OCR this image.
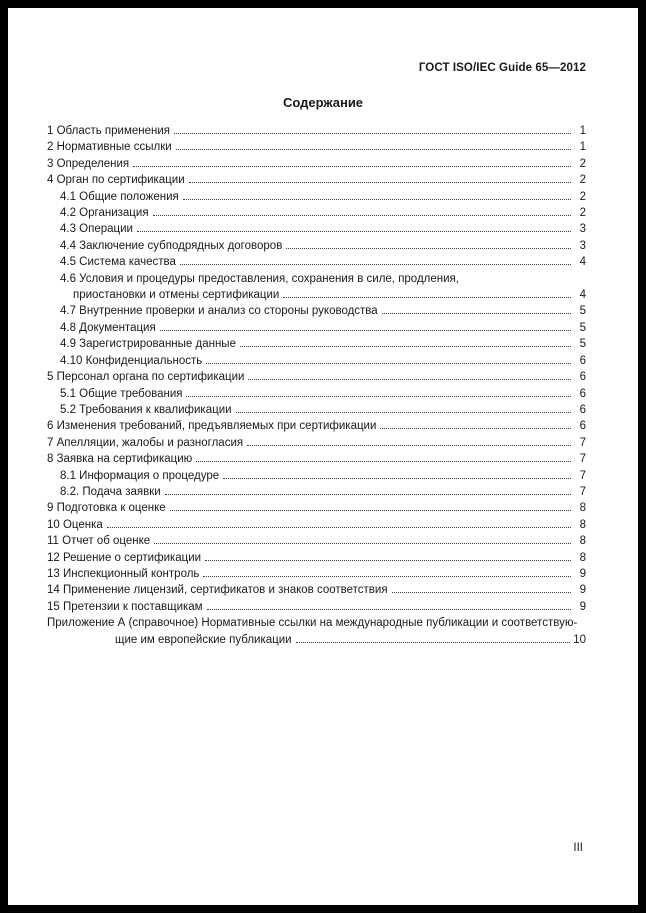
ГОСТ ISO/IEC Guide 65—2012
Содержание
1 Область применения	1
2 Нормативные ссылки	1
3 Определения	2
4 Орган по сертификации	2
4.1 Общие положения	2
4.2 Организация	2
4.3 Операции	3
4.4 Заключение субподрядных договоров	3
4.5 Система качества	4
4.6 Условия и процедуры предоставления, сохранения в силе, продления,
приостановки и отмены сертификации	4
4.7 Внутренние проверки и анализ со стороны руководства	5
4.8 Документация	5
4.9 Зарегистрированные данные	5
4.10 Конфиденциальность	6
5 Персонал органа по сертификации	6
5.1 Общие требования	6
5.2 Требования к квалификации	6
6 Изменения требований, предъявляемых при сертификации	6
7 Апелляции, жалобы и разногласия	7
8 Заявка на сертификацию	7
8.1 Информация о процедуре	7
8.2. Подача заявки	7
9 Подготовка к оценке	8
10 Оценка	8
11 Отчет об оценке	8
12 Решение о сертификации	8
13 Инспекционный контроль	9
14 Применение лицензий, сертификатов и знаков соответствия	9
15 Претензии к поставщикам	9
Приложение А (справочное) Нормативные ссылки на международные публикации и соответствую-
щие им европейские публикации	10
III
